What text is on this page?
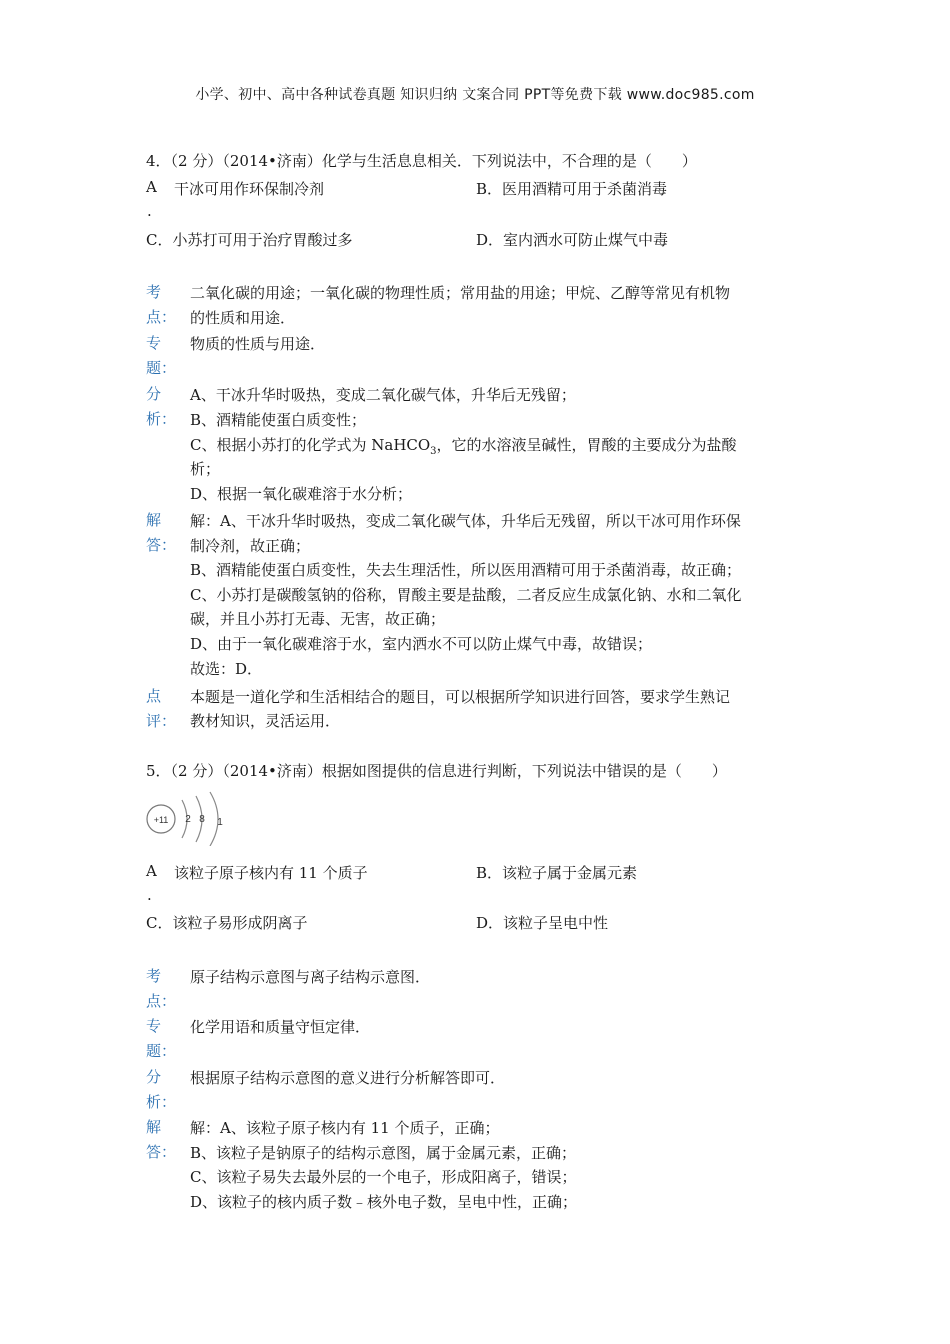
小学、初中、高中各种试卷真题 知识归纳 文案合同 PPT等免费下载 www.doc985.com
4．（2 分）（2014•济南）化学与生活息息相关．下列说法中，不合理的是（　　）
A 干冰可用作环保制冷剂	B．医用酒精可用于杀菌消毒
.
C．小苏打可用于治疗胃酸过多	D．室内洒水可防止煤气中毒
考
点：
二氧化碳的用途；一氧化碳的物理性质；常用盐的用途；甲烷、乙醇等常见有机物
的性质和用途．
专
题：
物质的性质与用途．
分
析：
A、干冰升华时吸热，变成二氧化碳气体，升华后无残留；
B、酒精能使蛋白质变性；
C、根据小苏打的化学式为 NaHCO$_3$，它的水溶液呈碱性，胃酸的主要成分为盐酸
析；
D、根据一氧化碳难溶于水分析；
解
答：
解：A、干冰升华时吸热，变成二氧化碳气体，升华后无残留，所以干冰可用作环保
制冷剂，故正确；
B、酒精能使蛋白质变性，失去生理活性，所以医用酒精可用于杀菌消毒，故正确；
C、小苏打是碳酸氢钠的俗称，胃酸主要是盐酸，二者反应生成氯化钠、水和二氧化
碳，并且小苏打无毒、无害，故正确；
D、由于一氧化碳难溶于水，室内洒水不可以防止煤气中毒，故错误；
故选：D．
点
评：
本题是一道化学和生活相结合的题目，可以根据所学知识进行回答，要求学生熟记
教材知识，灵活运用．
5．（2 分）（2014•济南）根据如图提供的信息进行判断，下列说法中错误的是（　　）
+11 2 8 1
A 该粒子原子核内有 11 个质子	B．该粒子属于金属元素
.
C．该粒子易形成阴离子	D．该粒子呈电中性
考
点：
原子结构示意图与离子结构示意图．
专
题：
化学用语和质量守恒定律．
分
析：
根据原子结构示意图的意义进行分析解答即可．
解
答：
解：A、该粒子原子核内有 11 个质子，正确；
B、该粒子是钠原子的结构示意图，属于金属元素，正确；
C、该粒子易失去最外层的一个电子，形成阳离子，错误；
D、该粒子的核内质子数﹣核外电子数，呈电中性，正确；
